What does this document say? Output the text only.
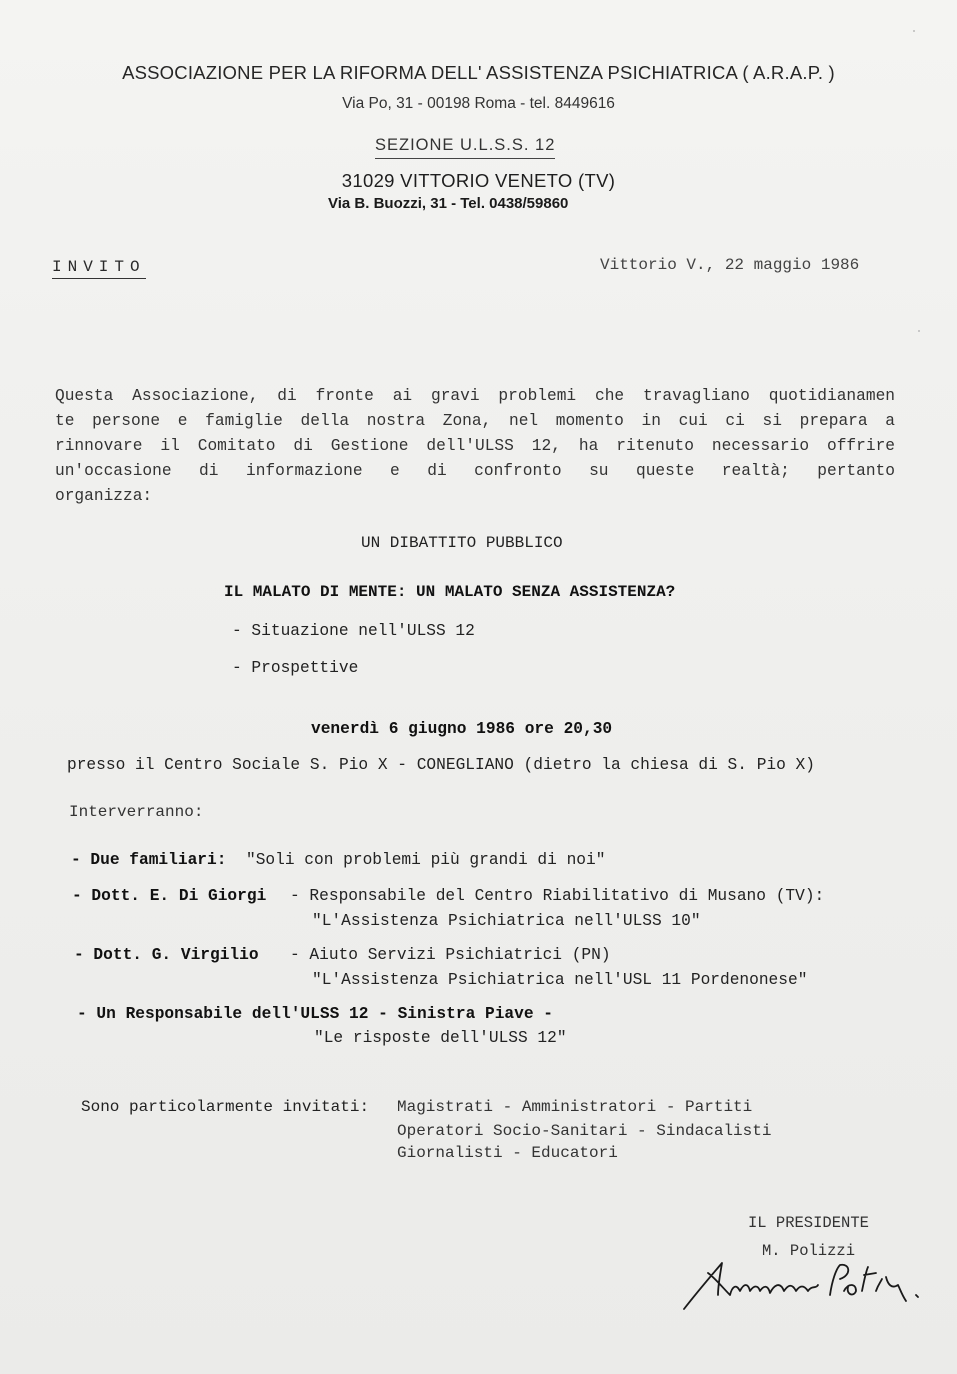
ASSOCIAZIONE PER LA RIFORMA DELL' ASSISTENZA PSICHIATRICA ( A.R.A.P. )
Via Po, 31 - 00198 Roma - tel. 8449616
SEZIONE U.L.S.S. 12
31029 VITTORIO VENETO (TV)
Via B. Buozzi, 31 - Tel. 0438/59860
INVITO	Vittorio V., 22 maggio 1986
Questa Associazione, di fronte ai gravi problemi che travagliano quotidianamen
te persone e famiglie della nostra Zona, nel momento in cui ci si prepara a
rinnovare il Comitato di Gestione dell'ULSS 12, ha ritenuto necessario offrire
un'occasione di informazione e di confronto su queste realtà; pertanto
organizza:
UN DIBATTITO PUBBLICO
IL MALATO DI MENTE: UN MALATO SENZA ASSISTENZA?
- Situazione nell'ULSS 12
- Prospettive
venerdì 6 giugno 1986 ore 20,30
presso il Centro Sociale S. Pio X - CONEGLIANO (dietro la chiesa di S. Pio X)
Interverranno:
- Due familiari: "Soli con problemi più grandi di noi"
- Dott. E. Di Giorgi - Responsabile del Centro Riabilitativo di Musano (TV):
"L'Assistenza Psichiatrica nell'ULSS 10"
- Dott. G. Virgilio - Aiuto Servizi Psichiatrici (PN)
"L'Assistenza Psichiatrica nell'USL 11 Pordenonese"
- Un Responsabile dell'ULSS 12 - Sinistra Piave -
"Le risposte dell'ULSS 12"
Sono particolarmente invitati: Magistrati - Amministratori - Partiti
Operatori Socio-Sanitari - Sindacalisti
Giornalisti - Educatori
IL PRESIDENTE
M. Polizzi
